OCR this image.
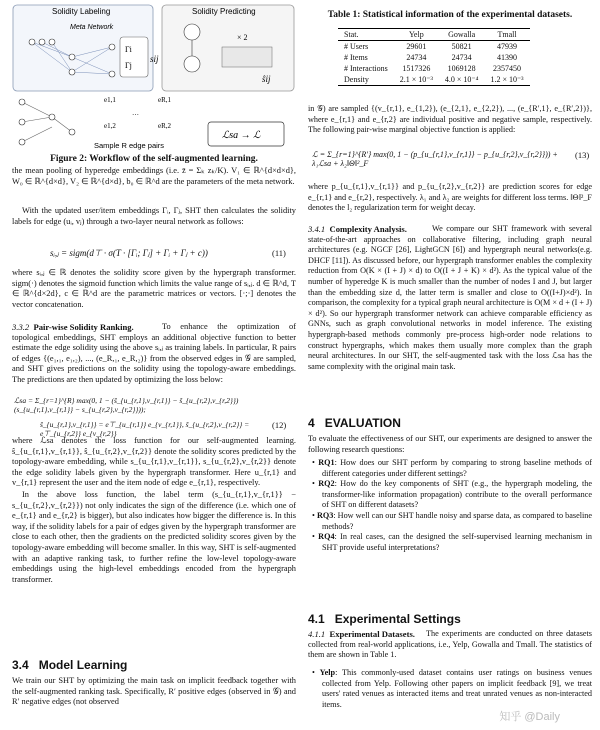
Solidity Labeling	Solidity Predicting
Meta Network
Γi
Γj
sij
× 2
ŝij
e1,1
e1,2
eR,1
eR,2
…
Sample R edge pairs
ℒsa → ℒ
Figure 2: Workflow of the self-augmented learning.
the mean pooling of hyperedge embeddings (i.e. z̄ = Σₖ zₖ/K). V₁ ∈ ℝ^{d×d×d}, W₀ ∈ ℝ^{d×d}, V₂ ∈ ℝ^{d×d}, b₀ ∈ ℝ^d are the parameters of the meta network.
With the updated user/item embeddings Γᵢ, Γⱼ, SHT then calculates the solidity labels for edge (uᵢ, vⱼ) through a two-layer neural network as follows:
sᵢ,ⱼ = sigm(d⊤ · σ(T · [Γᵢ; Γⱼ] + Γᵢ + Γⱼ + c))	(11)
where sᵢ,ⱼ ∈ ℝ denotes the solidity score given by the hypergraph transformer. sigm(·) denotes the sigmoid function which limits the value range of sᵢ,ⱼ. d ∈ ℝ^d, T ∈ ℝ^{d×2d}, c ∈ ℝ^d are the parametric matrices or vectors. [·;·] denotes the vector concatenation.
3.3.2 Pair-wise Solidity Ranking.	To enhance the optimization of topological embeddings, SHT employs an additional objective function to better estimate the edge solidity using the above sᵢ,ⱼ as training labels. In particular, R pairs of edges {(e₁,₁, e₁,₂), ..., (e_R,₁, e_R,₂)} from the observed edges in 𝒢 are sampled, and SHT gives predictions on the solidity using the topology-aware embeddings. The predictions are then updated by optimizing the loss below:
ℒsa = Σ_{r=1}^{R} max(0, 1 − (ŝ_{u_{r,1},v_{r,1}} − ŝ_{u_{r,2},v_{r,2}})(s_{u_{r,1},v_{r,1}} − s_{u_{r,2},v_{r,2}}));
ŝ_{u_{r,1},v_{r,1}} = e⊤_{u_{r,1}} e_{v_{r,1}}, ŝ_{u_{r,2},v_{r,2}} = e⊤_{u_{r,2}} e_{v_{r,2}}
(12)
where ℒsa denotes the loss function for our self-augmented learning. ŝ_{u_{r,1},v_{r,1}}, ŝ_{u_{r,2},v_{r,2}} denote the solidity scores predicted by the topology-aware embedding, while s_{u_{r,1},v_{r,1}}, s_{u_{r,2},v_{r,2}} denote the edge solidity labels given by the hypergraph transformer. Here u_{r,1} and v_{r,1} represent the user and the item node of edge e_{r,1}, respectively.
In the above loss function, the label term (s_{u_{r,1},v_{r,1}} − s_{u_{r,2},v_{r,2}}) not only indicates the sign of the difference (i.e. which one of e_{r,1} and e_{r,2} is bigger), but also indicates how bigger the difference is. In this way, if the solidity labels for a pair of edges given by the hypergraph transformer are close to each other, then the gradients on the predicted solidity scores given by the topology-aware embedding will become smaller. In this way, SHT is self-augmented with an adaptive ranking task, to further refine the low-level topology-aware embeddings using the high-level embeddings encoded from the hypergraph transformer.
3.4 Model Learning
We train our SHT by optimizing the main task on implicit feedback together with the self-augmented ranking task. Specifically, R′ positive edges (observed in 𝒢) and R′ negative edges (not observed
Table 1: Statistical information of the experimental datasets.
Stat.	Yelp	Gowalla	Tmall
# Users	29601	50821	47939
# Items	24734	24734	41390
# Interactions	1517326	1069128	2357450
Density	2.1 × 10⁻³	4.0 × 10⁻⁴	1.2 × 10⁻³
in 𝒢) are sampled {(v_{r,1}, e_{1,2}), (e_{2,1}, e_{2,2}), ..., (e_{R′,1}, e_{R′,2})}, where e_{r,1} and e_{r,2} are individual positive and negative sample, respectively. The following pair-wise marginal objective function is applied:
ℒ = Σ_{r=1}^{R′} max(0, 1 − (p_{u_{r,1},v_{r,1}} − p_{u_{r,2},v_{r,2}})) + λ₁ℒsa + λ₂‖Θ‖²_F
(13)
where p_{u_{r,1},v_{r,1}} and p_{u_{r,2},v_{r,2}} are prediction scores for edge e_{r,1} and e_{r,2}, respectively. λ₁ and λ₂ are weights for different loss terms. ‖Θ‖²_F denotes the l₂ regularization term for weight decay.
3.4.1 Complexity Analysis.	We compare our SHT framework with several state-of-the-art approaches on collaborative filtering, including graph neural architectures (e.g. NGCF [26], LightGCN [6]) and hypergraph neural networks(e.g. DHCF [11]). As discussed before, our hypergraph transformer enables the complexity reduction from O(K × (I + J) × d) to O((I + J + K) × d²). As the typical value of the number of hyperedge K is much smaller than the number of nodes I and J, but larger than the embedding size d, the latter term is smaller and close to O((I+J)×d²). In comparison, the complexity for a typical graph neural architecture is O(M × d + (I + J) × d²). So our hypergraph transformer network can achieve comparable efficiency as GNNs, such as graph convolutional networks in model inference. The existing hypergraph-based methods commonly pre-process high-order node relations to construct hypergraphs, which makes them usually more complex than the graph neural architectures. In our SHT, the self-augmented task with the loss ℒsa has the same complexity with the original main task.
4 EVALUATION
To evaluate the effectiveness of our SHT, our experiments are designed to answer the following research questions:
• RQ1: How does our SHT perform by comparing to strong baseline methods of different categories under different settings?
• RQ2: How do the key components of SHT (e.g., the hypergraph modeling, the transformer-like information propagation) contribute to the overall performance of SHT on different datasets?
• RQ3: How well can our SHT handle noisy and sparse data, as compared to baseline methods?
• RQ4: In real cases, can the designed the self-supervised learning mechanism in SHT provide useful interpretations?
4.1 Experimental Settings
4.1.1 Experimental Datasets.	The experiments are conducted on three datasets collected from real-world applications, i.e., Yelp, Gowalla and Tmall. The statistics of them are shown in Table 1.
• Yelp: This commonly-used dataset contains user ratings on business venues collected from Yelp. Following other papers on implicit feedback [9], we treat users' rated venues as interacted items and treat unrated venues as non-interacted items.
知乎 @Daily
